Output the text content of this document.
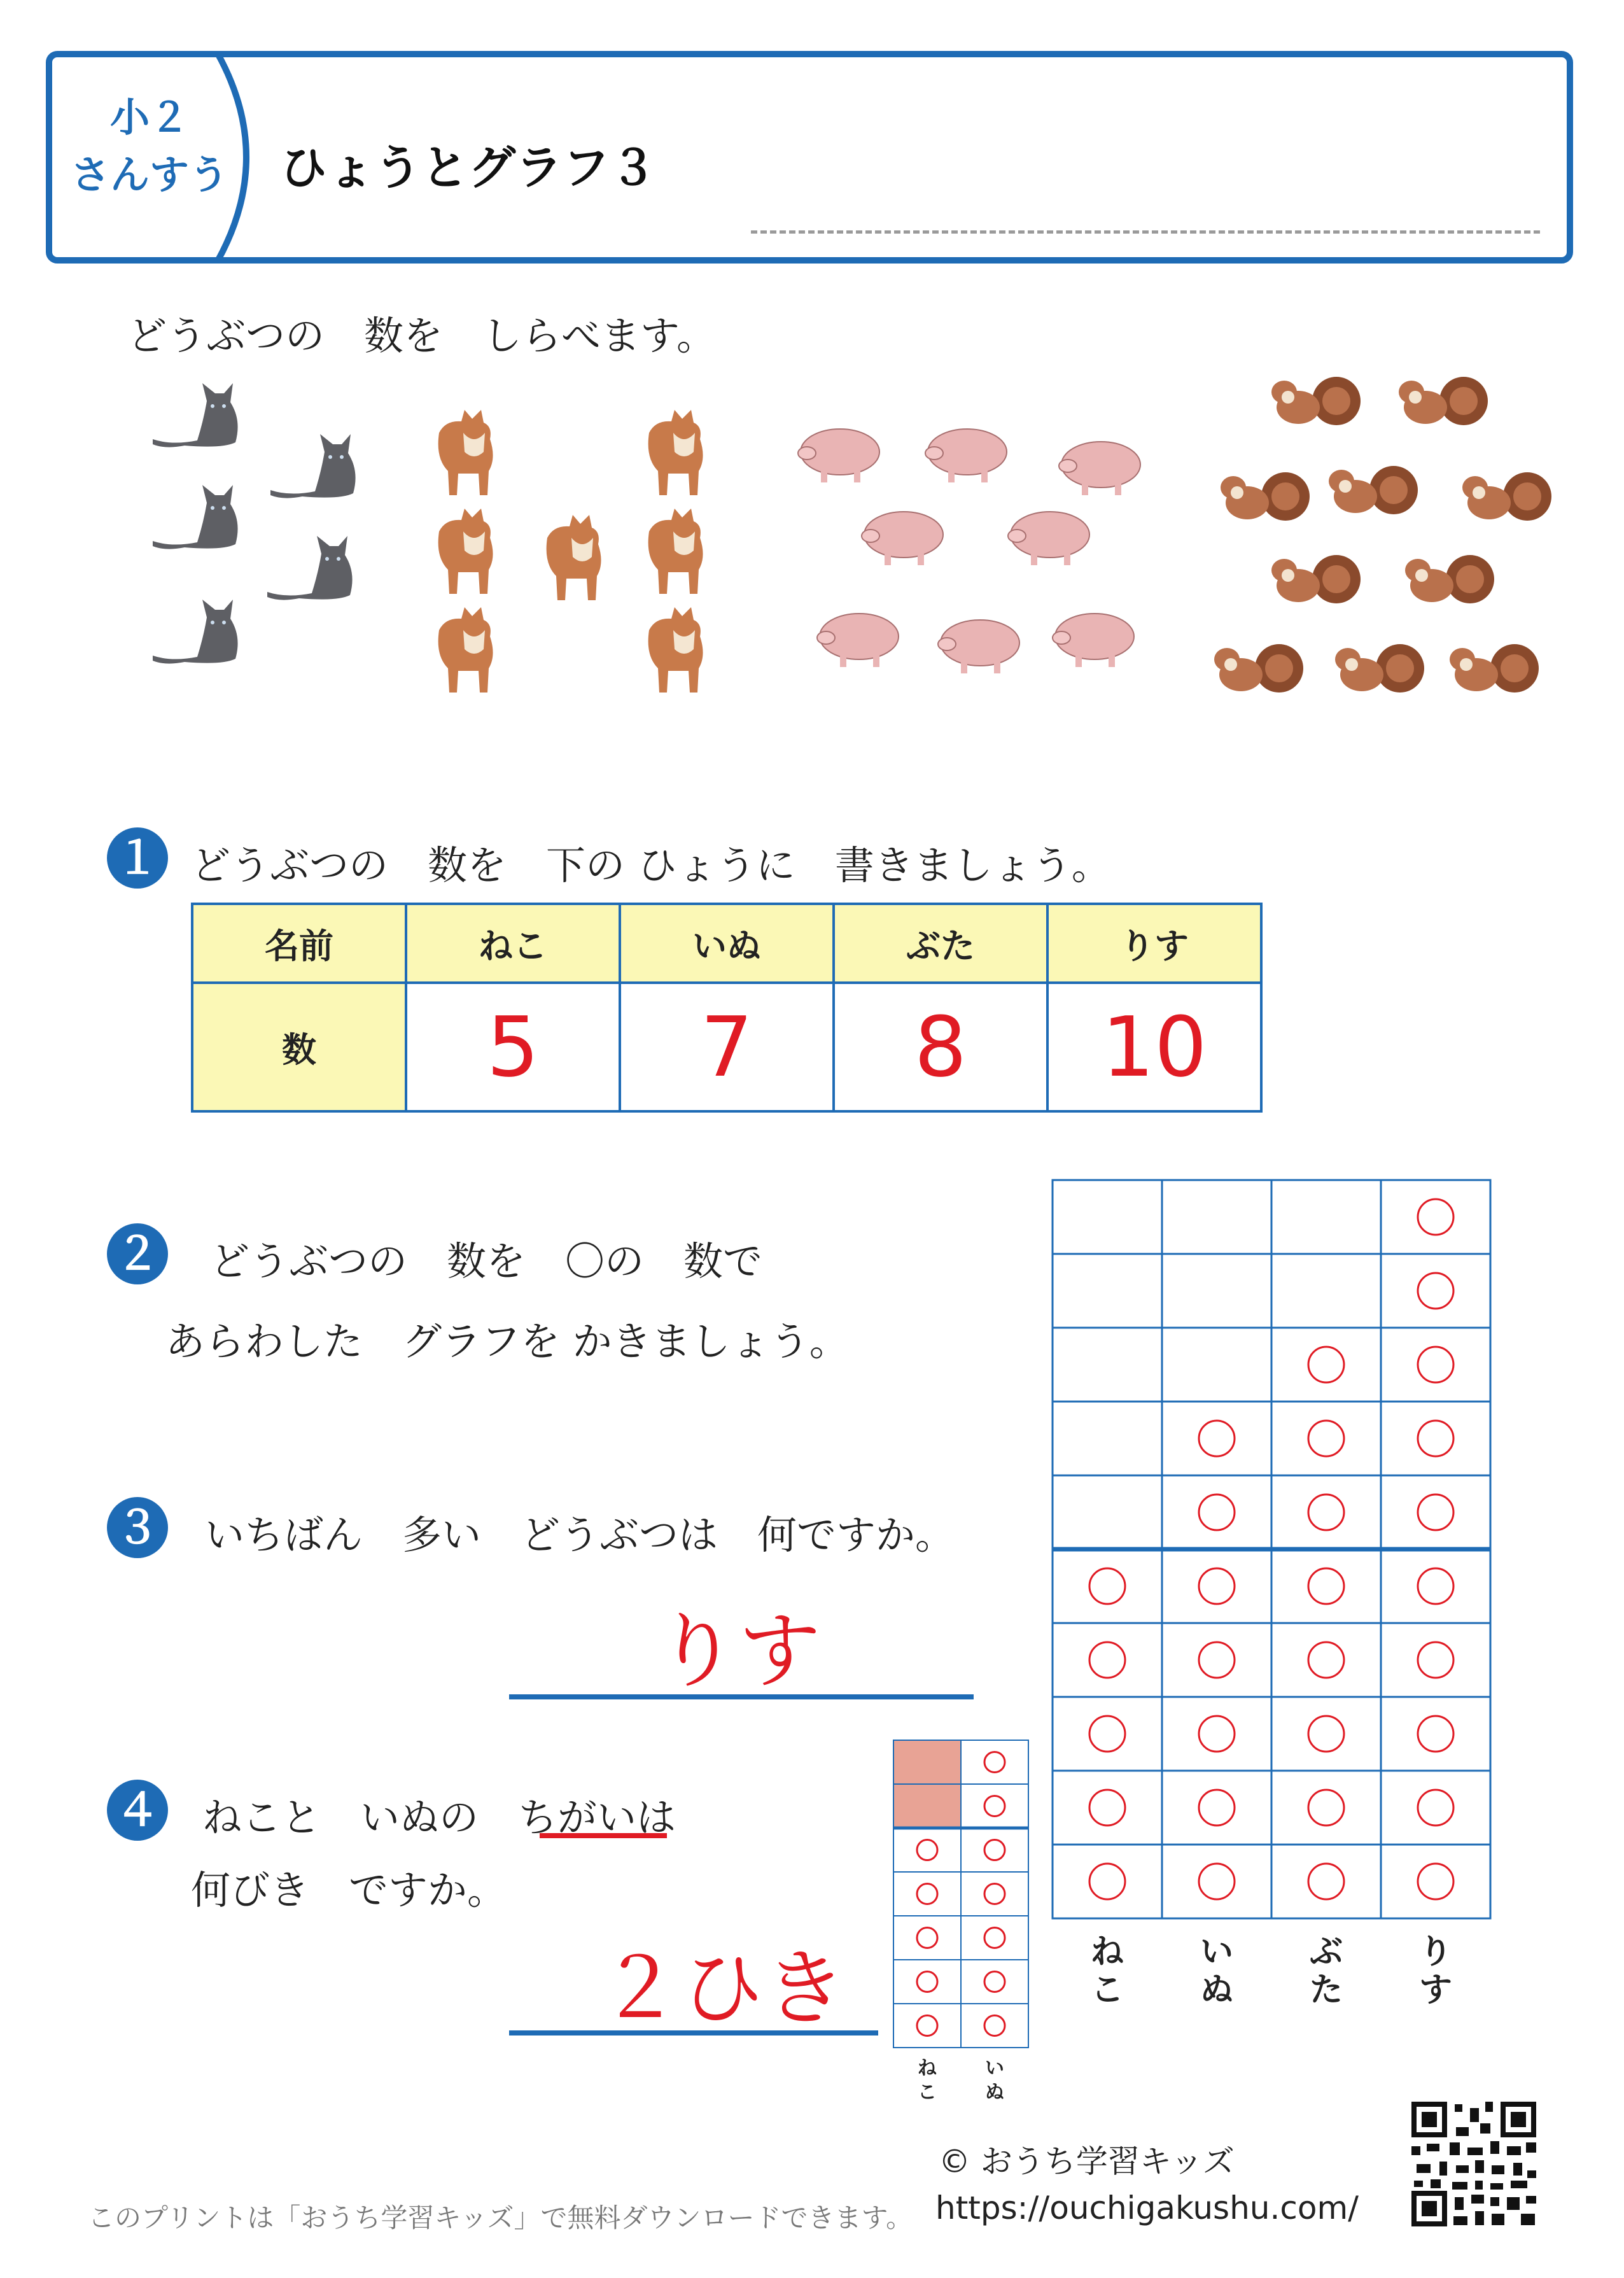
小２
さんすう ひょうとグラフ３
どうぶつの　数を　しらべます。
１ どうぶつの　数を　下の ひょうに　書きましょう。
名前	ねこ	いぬ	ぶた	りす
数	5	7	8	10
２ どうぶつの　数を　〇の　数で
あらわした　グラフを かきましょう。
３ いちばん　多い　どうぶつは　何ですか。
りす
４ ねこと　いぬの　ちがいは
何びき　ですか。
２ひき	ね
こ
い
ぬ
ぶ
た
り
す
ね
こ
い
ぬ
このプリントは「おうち学習キッズ」で無料ダウンロードできます。
© おうち学習キッズ
https://ouchigakushu.com/
